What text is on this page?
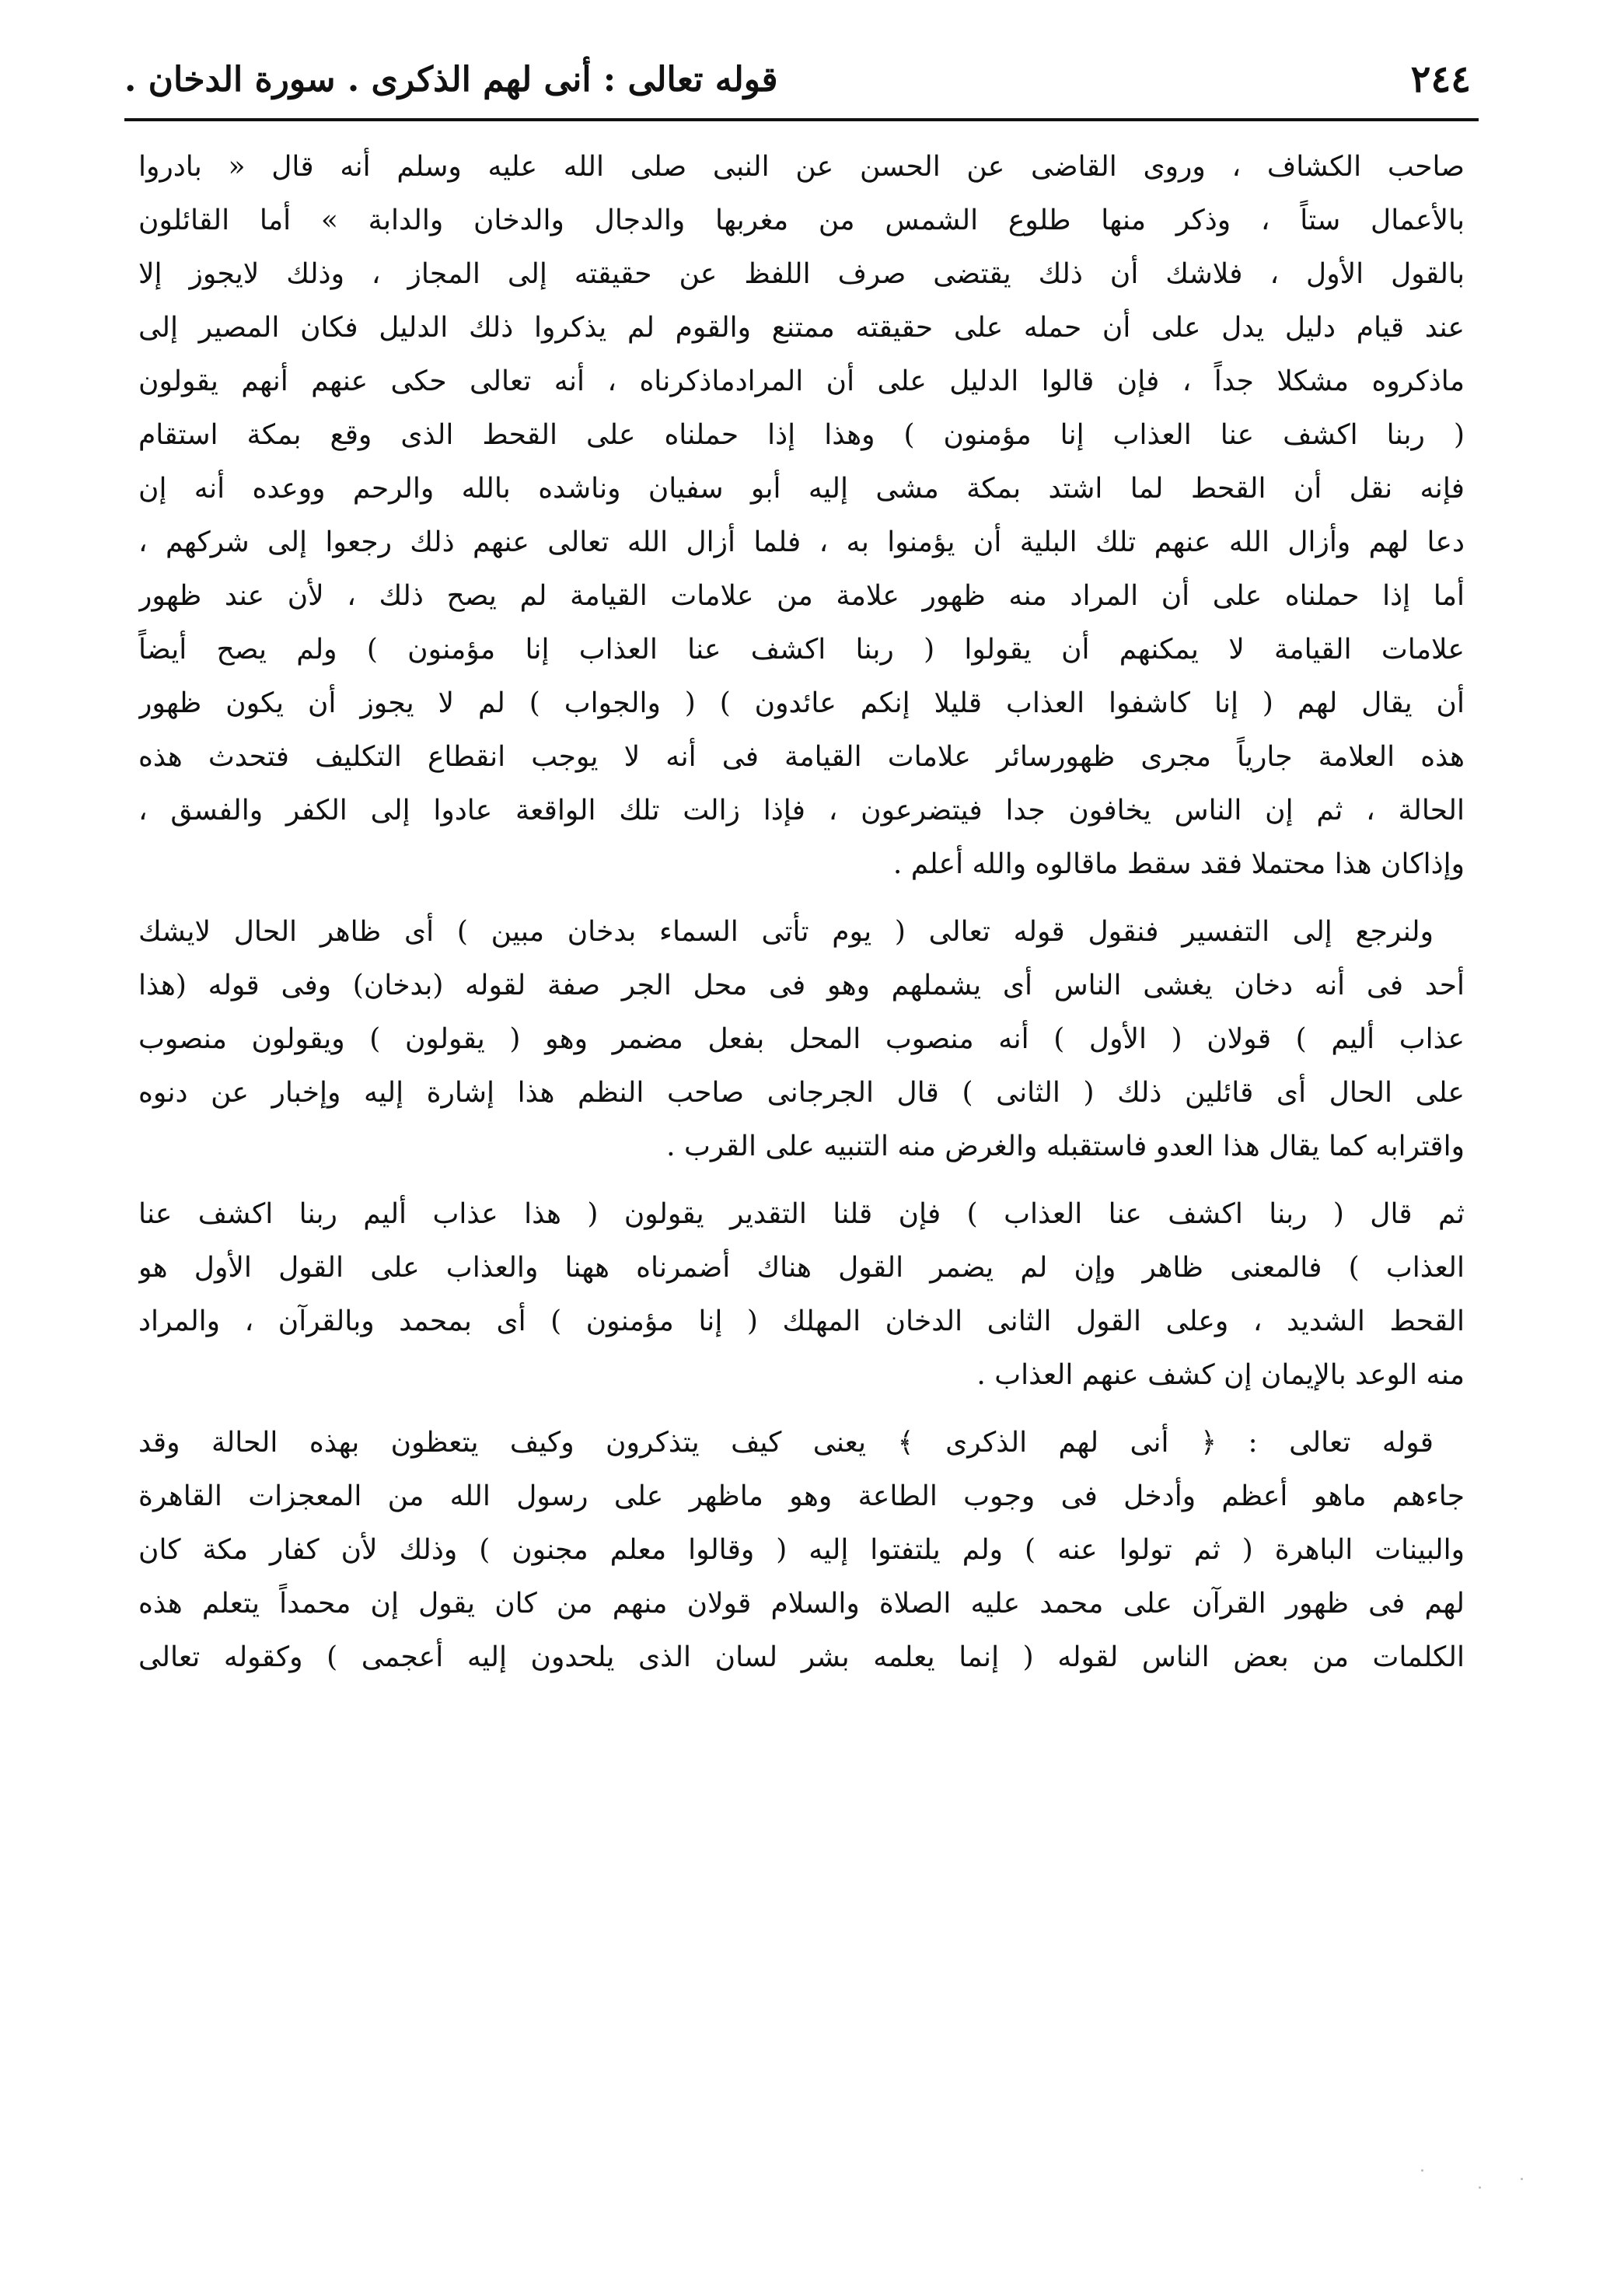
٢٤٤
قوله تعالى : أنى لهم الذكرى . سورة الدخان .
صاحب الكشاف ، وروى القاضى عن الحسن عن النبى صلى الله عليه وسلم أنه قال « بادروا
بالأعمال ستاً ، وذكر منها طلوع الشمس من مغربها والدجال والدخان والدابة » أما القائلون
بالقول الأول ، فلاشك أن ذلك يقتضى صرف اللفظ عن حقيقته إلى المجاز ، وذلك لايجوز إلا
عند قيام دليل يدل على أن حمله على حقيقته ممتنع والقوم لم يذكروا ذلك الدليل فكان المصير إلى
ماذكروه مشكلا جداً ، فإن قالوا الدليل على أن المرادماذكرناه ، أنه تعالى حكى عنهم أنهم يقولون
( ربنا اكشف عنا العذاب إنا مؤمنون ) وهذا إذا حملناه على القحط الذى وقع بمكة استقام
فإنه نقل أن القحط لما اشتد بمكة مشى إليه أبو سفيان وناشده بالله والرحم ووعده أنه إن
دعا لهم وأزال الله عنهم تلك البلية أن يؤمنوا به ، فلما أزال الله تعالى عنهم ذلك رجعوا إلى شركهم ،
أما إذا حملناه على أن المراد منه ظهور علامة من علامات القيامة لم يصح ذلك ، لأن عند ظهور
علامات القيامة لا يمكنهم أن يقولوا ( ربنا اكشف عنا العذاب إنا مؤمنون ) ولم يصح أيضاً
أن يقال لهم ( إنا كاشفوا العذاب قليلا إنكم عائدون ) ( والجواب ) لم لا يجوز أن يكون ظهور
هذه العلامة جارياً مجرى ظهورسائر علامات القيامة فى أنه لا يوجب انقطاع التكليف فتحدث هذه
الحالة ، ثم إن الناس يخافون جدا فيتضرعون ، فإذا زالت تلك الواقعة عادوا إلى الكفر والفسق ،
وإذاكان هذا محتملا فقد سقط ماقالوه والله أعلم .
ولنرجع إلى التفسير فنقول قوله تعالى ( يوم تأتى السماء بدخان مبين ) أى ظاهر الحال لايشك
أحد فى أنه دخان يغشى الناس أى يشملهم وهو فى محل الجر صفة لقوله (بدخان) وفى قوله (هذا
عذاب أليم ) قولان ( الأول ) أنه منصوب المحل بفعل مضمر وهو ( يقولون ) ويقولون منصوب
على الحال أى قائلين ذلك ( الثانى ) قال الجرجانى صاحب النظم هذا إشارة إليه وإخبار عن دنوه
واقترابه كما يقال هذا العدو فاستقبله والغرض منه التنبيه على القرب .
ثم قال ( ربنا اكشف عنا العذاب ) فإن قلنا التقدير يقولون ( هذا عذاب أليم ربنا اكشف عنا
العذاب ) فالمعنى ظاهر وإن لم يضمر القول هناك أضمرناه ههنا والعذاب على القول الأول هو
القحط الشديد ، وعلى القول الثانى الدخان المهلك ( إنا مؤمنون ) أى بمحمد وبالقرآن ، والمراد
منه الوعد بالإيمان إن كشف عنهم العذاب .
قوله تعالى : ﴿ أنى لهم الذكرى ﴾ يعنى كيف يتذكرون وكيف يتعظون بهذه الحالة وقد
جاءهم ماهو أعظم وأدخل فى وجوب الطاعة وهو ماظهر على رسول الله من المعجزات القاهرة
والبينات الباهرة ( ثم تولوا عنه ) ولم يلتفتوا إليه ( وقالوا معلم مجنون ) وذلك لأن كفار مكة كان
لهم فى ظهور القرآن على محمد عليه الصلاة والسلام قولان منهم من كان يقول إن محمداً يتعلم هذه
الكلمات من بعض الناس لقوله ( إنما يعلمه بشر لسان الذى يلحدون إليه أعجمى ) وكقوله تعالى
